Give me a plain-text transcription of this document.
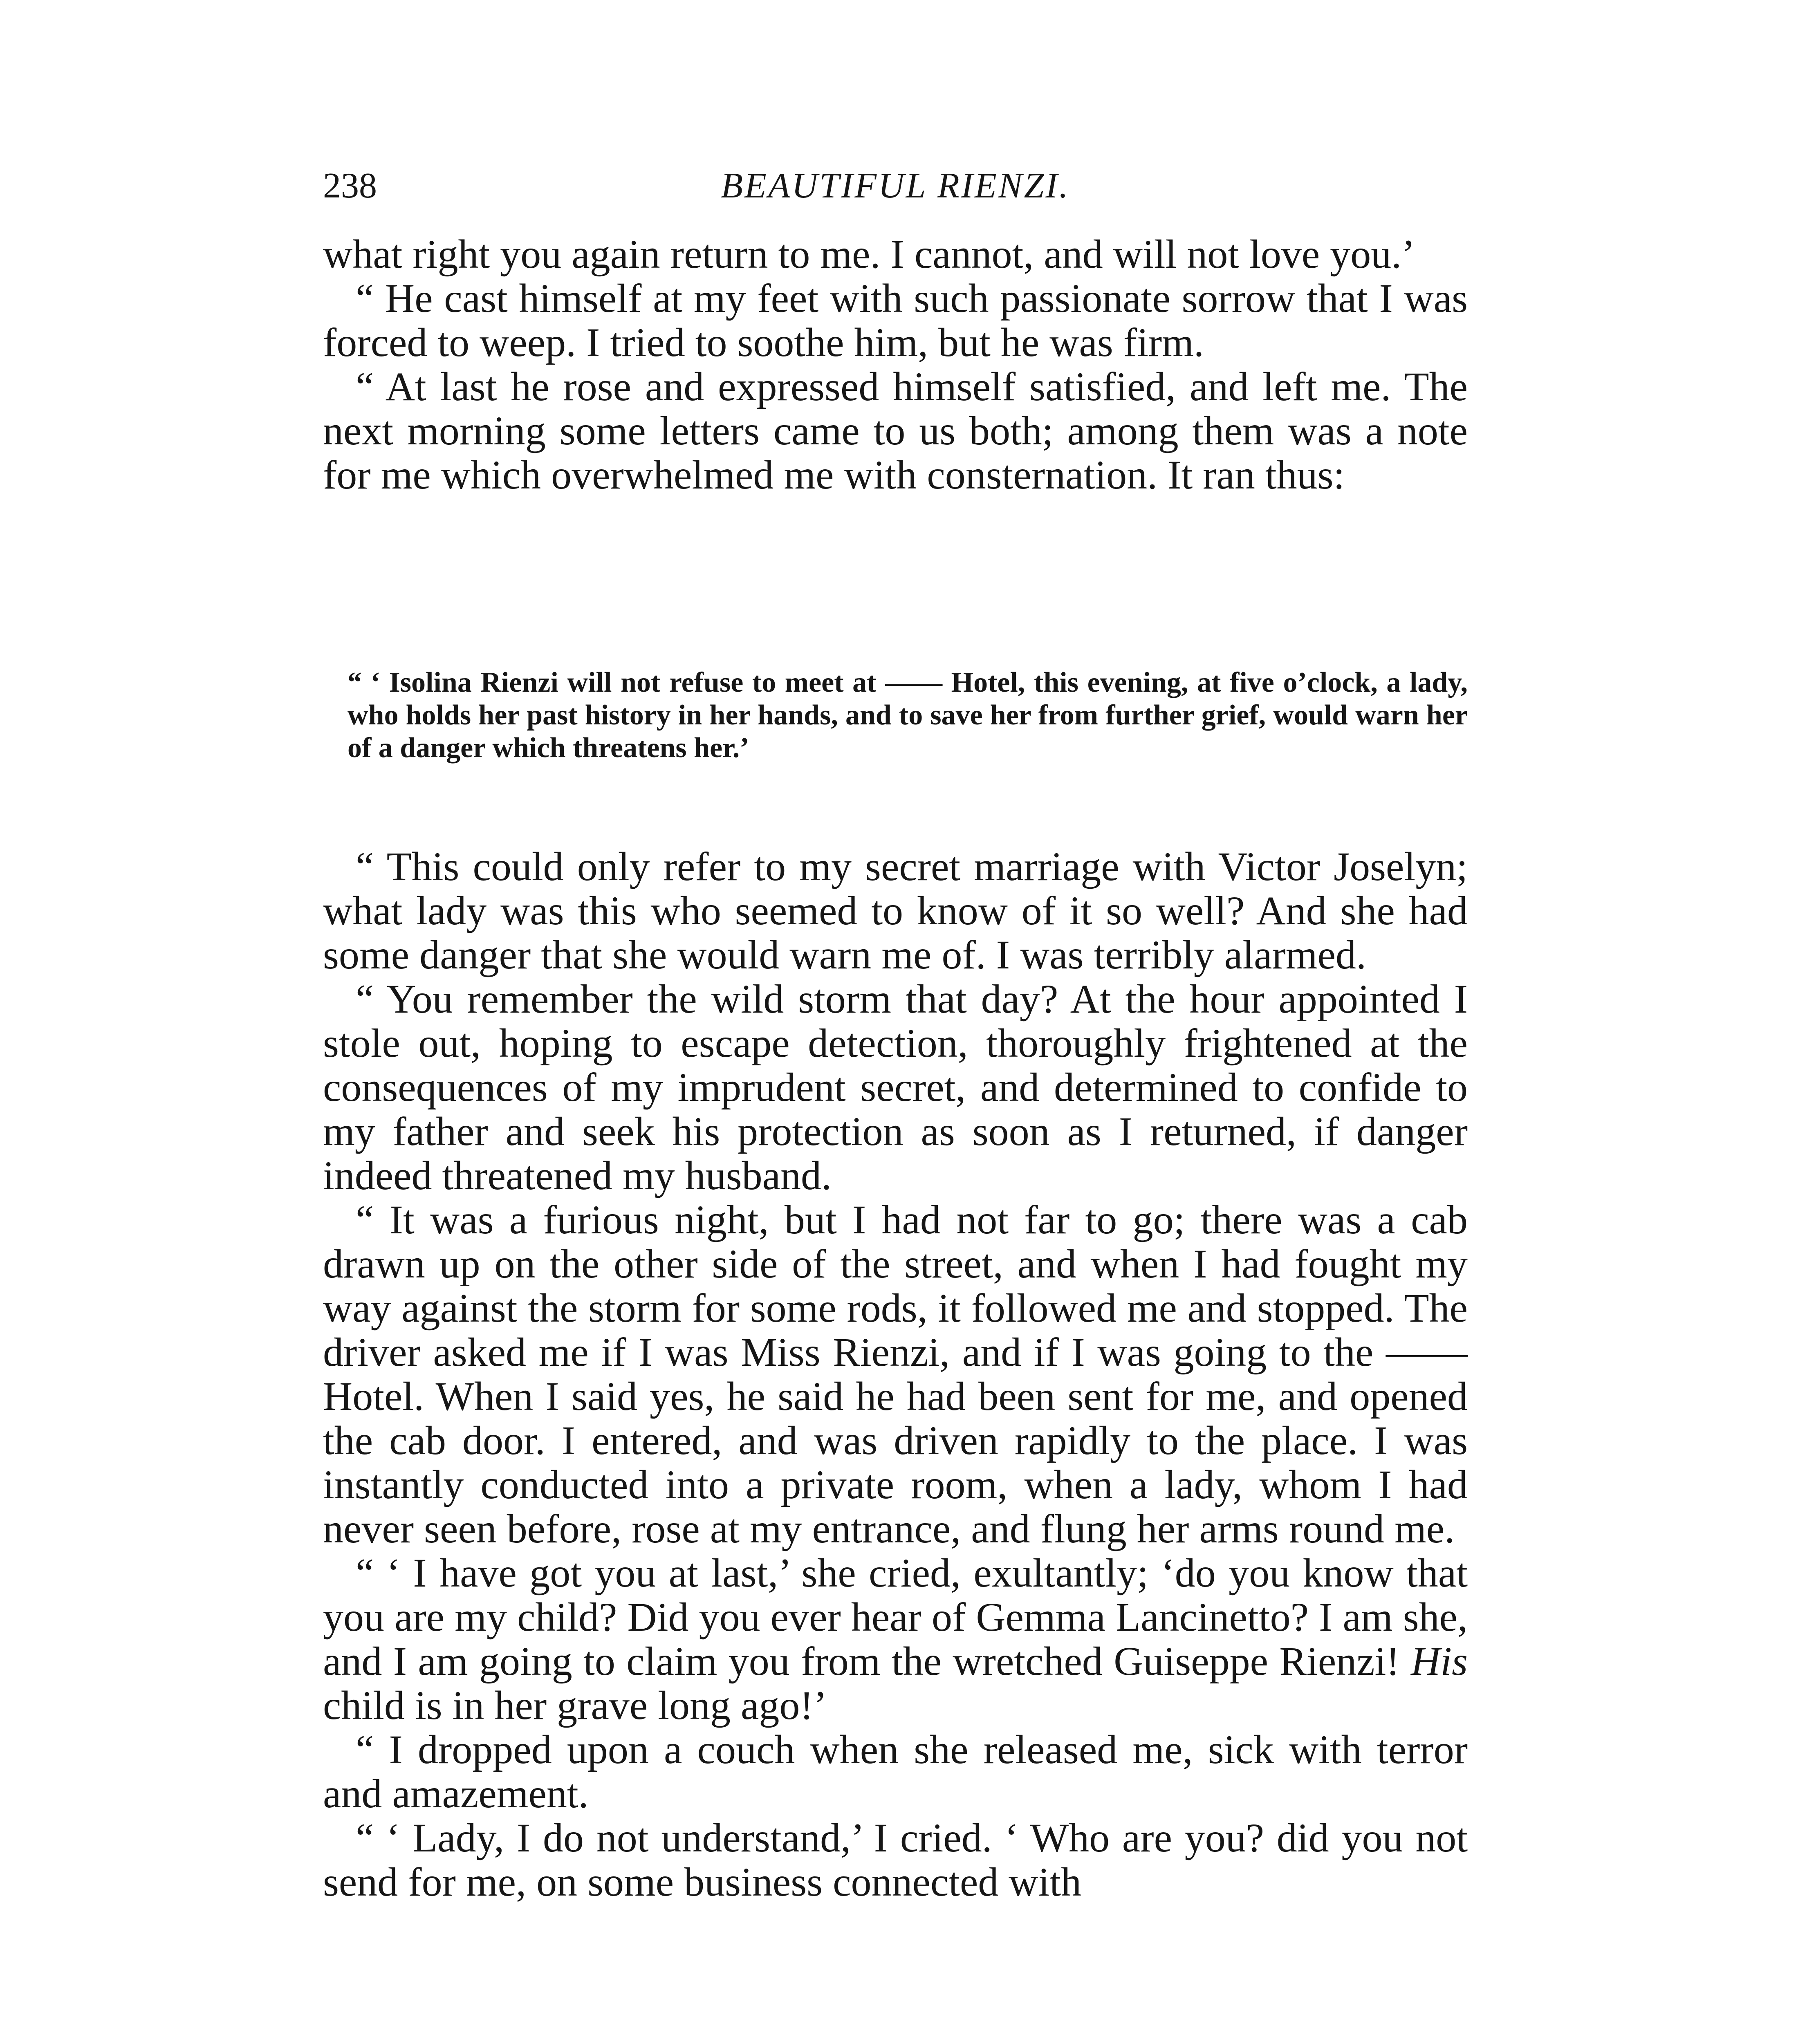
238	BEAUTIFUL RIENZI.

what right you again return to me. I cannot, and will not love you.’

“ He cast himself at my feet with such passionate sorrow that I was forced to weep. I tried to soothe him, but he was firm.

“ At last he rose and expressed himself satisfied, and left me. The next morning some letters came to us both; among them was a note for me which overwhelmed me with consternation. It ran thus:

“ ‘ Isolina Rienzi will not refuse to meet at —— Hotel, this evening, at five o’clock, a lady, who holds her past history in her hands, and to save her from further grief, would warn her of a danger which threatens her.’

“ This could only refer to my secret marriage with Victor Joselyn; what lady was this who seemed to know of it so well? And she had some danger that she would warn me of. I was terribly alarmed.

“ You remember the wild storm that day? At the hour appointed I stole out, hoping to escape detection, thoroughly frightened at the consequences of my imprudent secret, and determined to confide to my father and seek his protection as soon as I returned, if danger indeed threatened my husband.

“ It was a furious night, but I had not far to go; there was a cab drawn up on the other side of the street, and when I had fought my way against the storm for some rods, it followed me and stopped. The driver asked me if I was Miss Rienzi, and if I was going to the —— Hotel. When I said yes, he said he had been sent for me, and opened the cab door. I entered, and was driven rapidly to the place. I was instantly conducted into a private room, when a lady, whom I had never seen before, rose at my entrance, and flung her arms round me.

“ ‘ I have got you at last,’ she cried, exultantly; ‘do you know that you are my child? Did you ever hear of Gemma Lancinetto? I am she, and I am going to claim you from the wretched Guiseppe Rienzi! His child is in her grave long ago!’

“ I dropped upon a couch when she released me, sick with terror and amazement.

“ ‘ Lady, I do not understand,’ I cried. ‘ Who are you? did you not send for me, on some business connected with
